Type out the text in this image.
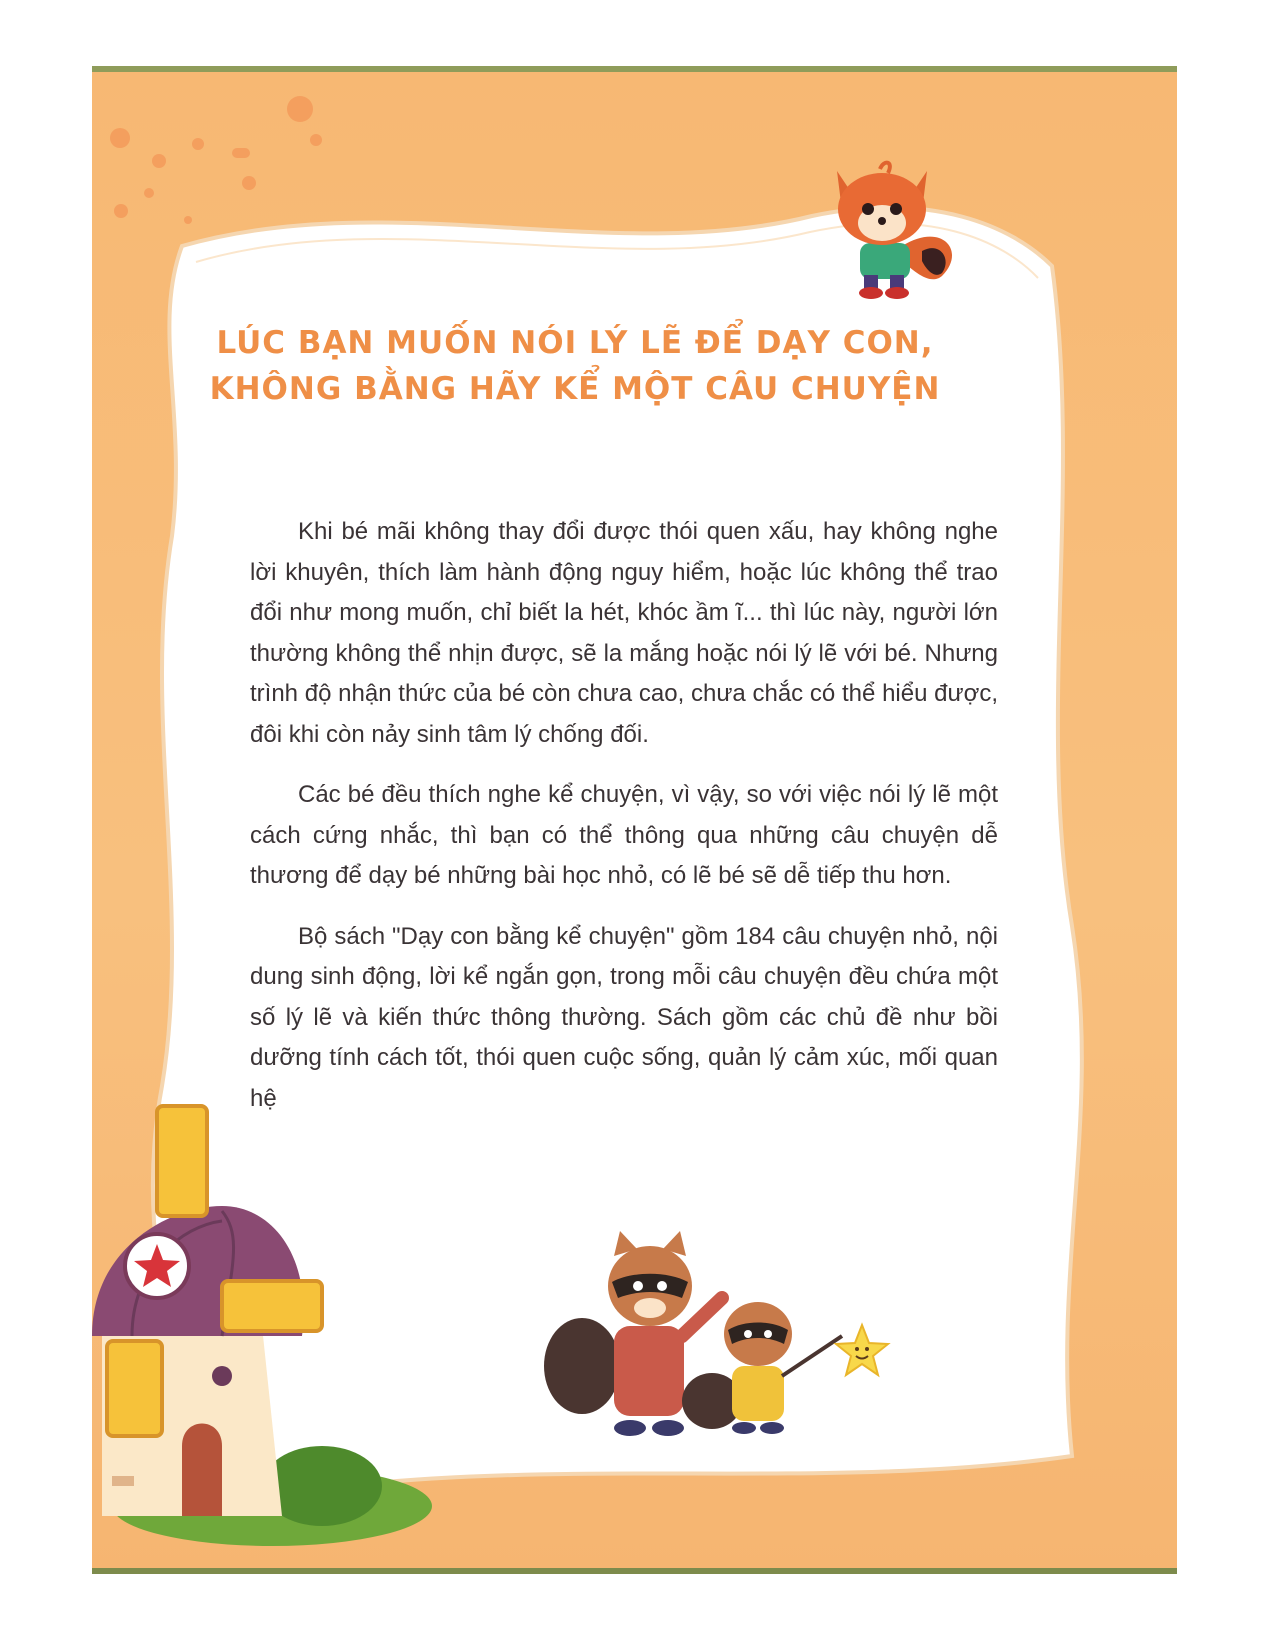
LÚC BẠN MUỐN NÓI LÝ LẼ ĐỂ DẠY CON,
KHÔNG BẰNG HÃY KỂ MỘT CÂU CHUYỆN

Khi bé mãi không thay đổi được thói quen xấu, hay không nghe lời khuyên, thích làm hành động nguy hiểm, hoặc lúc không thể trao đổi như mong muốn, chỉ biết la hét, khóc ầm ĩ... thì lúc này, người lớn thường không thể nhịn được, sẽ la mắng hoặc nói lý lẽ với bé. Nhưng trình độ nhận thức của bé còn chưa cao, chưa chắc có thể hiểu được, đôi khi còn nảy sinh tâm lý chống đối.

Các bé đều thích nghe kể chuyện, vì vậy, so với việc nói lý lẽ một cách cứng nhắc, thì bạn có thể thông qua những câu chuyện dễ thương để dạy bé những bài học nhỏ, có lẽ bé sẽ dễ tiếp thu hơn.

Bộ sách "Dạy con bằng kể chuyện" gồm 184 câu chuyện nhỏ, nội dung sinh động, lời kể ngắn gọn, trong mỗi câu chuyện đều chứa một số lý lẽ và kiến thức thông thường. Sách gồm các chủ đề như bồi dưỡng tính cách tốt, thói quen cuộc sống, quản lý cảm xúc, mối quan hệ
